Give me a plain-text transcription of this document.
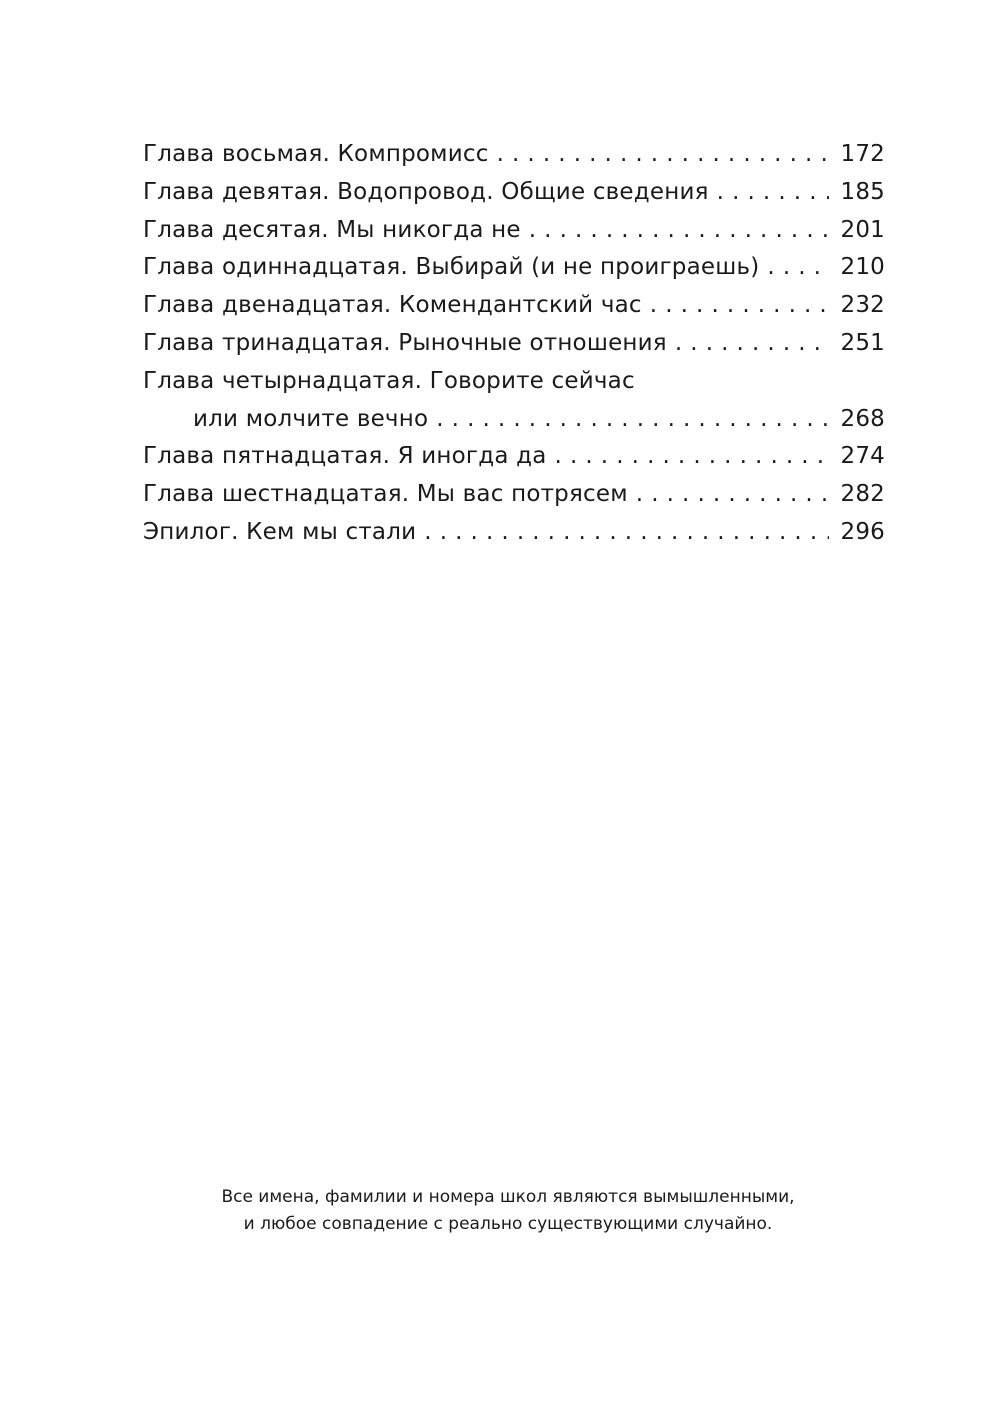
Глава восьмая. Компромисс . . .	172
Глава девятая. Водопровод. Общие сведения . . .	185
Глава десятая. Мы никогда не . . .	201
Глава одиннадцатая. Выбирай (и не проиграешь) . . .	210
Глава двенадцатая. Комендантский час . . .	232
Глава тринадцатая. Рыночные отношения . . .	251
Глава четырнадцатая. Говорите сейчас
или молчите вечно . . .	268
Глава пятнадцатая. Я иногда да . . .	274
Глава шестнадцатая. Мы вас потрясем . . .	282
Эпилог. Кем мы стали . . .	296
Все имена, фамилии и номера школ являются вымышленными,
и любое совпадение с реально существующими случайно.
